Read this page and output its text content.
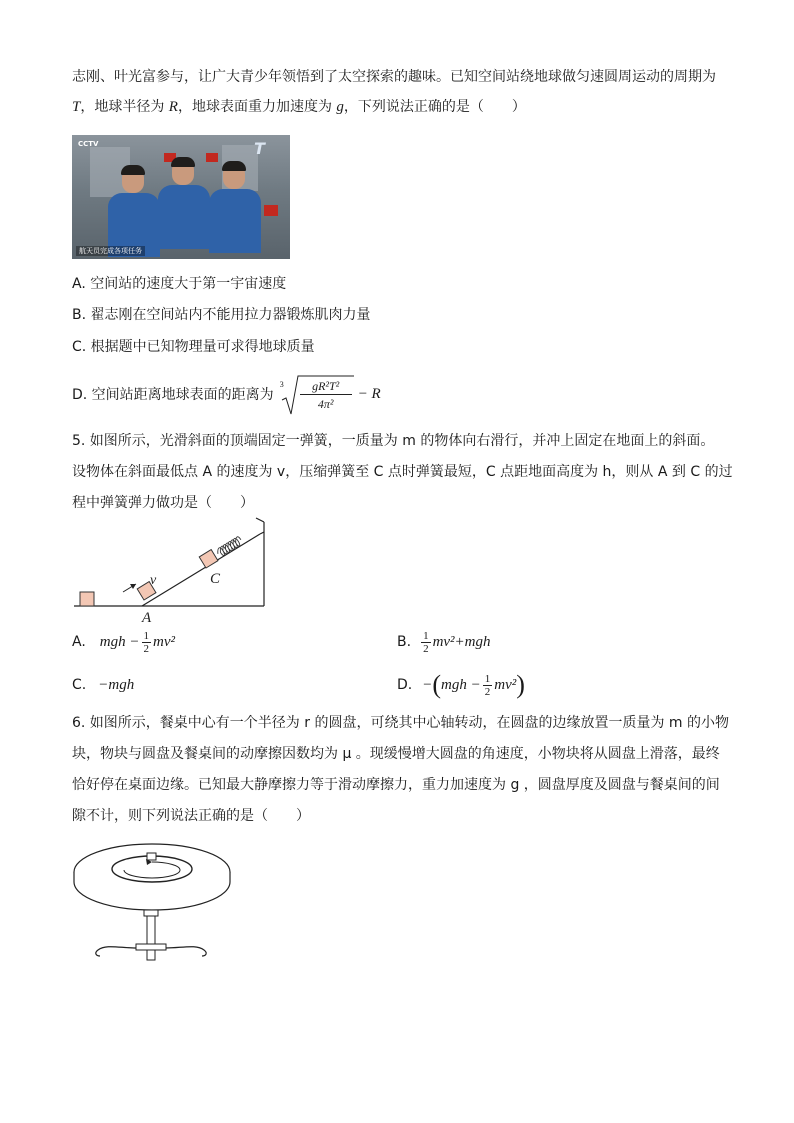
志刚、叶光富参与，让广大青少年领悟到了太空探索的趣味。已知空间站绕地球做匀速圆周运动的周期为
T，地球半径为 R，地球表面重力加速度为 g，下列说法正确的是（　　）
CCTV	T
航天员完成各项任务
A. 空间站的速度大于第一宇宙速度
B. 翟志刚在空间站内不能用拉力器锻炼肌肉力量
C. 根据题中已知物理量可求得地球质量
D. 空间站距离地球表面的距离为
3	gR²T²
4π²
− R
5. 如图所示，光滑斜面的顶端固定一弹簧，一质量为 m 的物体向右滑行，并冲上固定在地面上的斜面。
设物体在斜面最低点 A 的速度为 v，压缩弹簧至 C 点时弹簧最短，C 点距地面高度为 h，则从 A 到 C 的过
程中弹簧弹力做功是（　　）
v
A
C
A. mgh − $\frac{1}{2} mv^2$	B. $\frac{1}{2} mv^2+mgh$
C. −mgh	D. − ( mgh − $\frac{1}{2} mv^2$ )
6. 如图所示，餐桌中心有一个半径为 r 的圆盘，可绕其中心轴转动，在圆盘的边缘放置一质量为 m 的小物
块，物块与圆盘及餐桌间的动摩擦因数均为 μ 。现缓慢增大圆盘的角速度，小物块将从圆盘上滑落，最终
恰好停在桌面边缘。已知最大静摩擦力等于滑动摩擦力，重力加速度为 g ，圆盘厚度及圆盘与餐桌间的间
隙不计，则下列说法正确的是（　　）
